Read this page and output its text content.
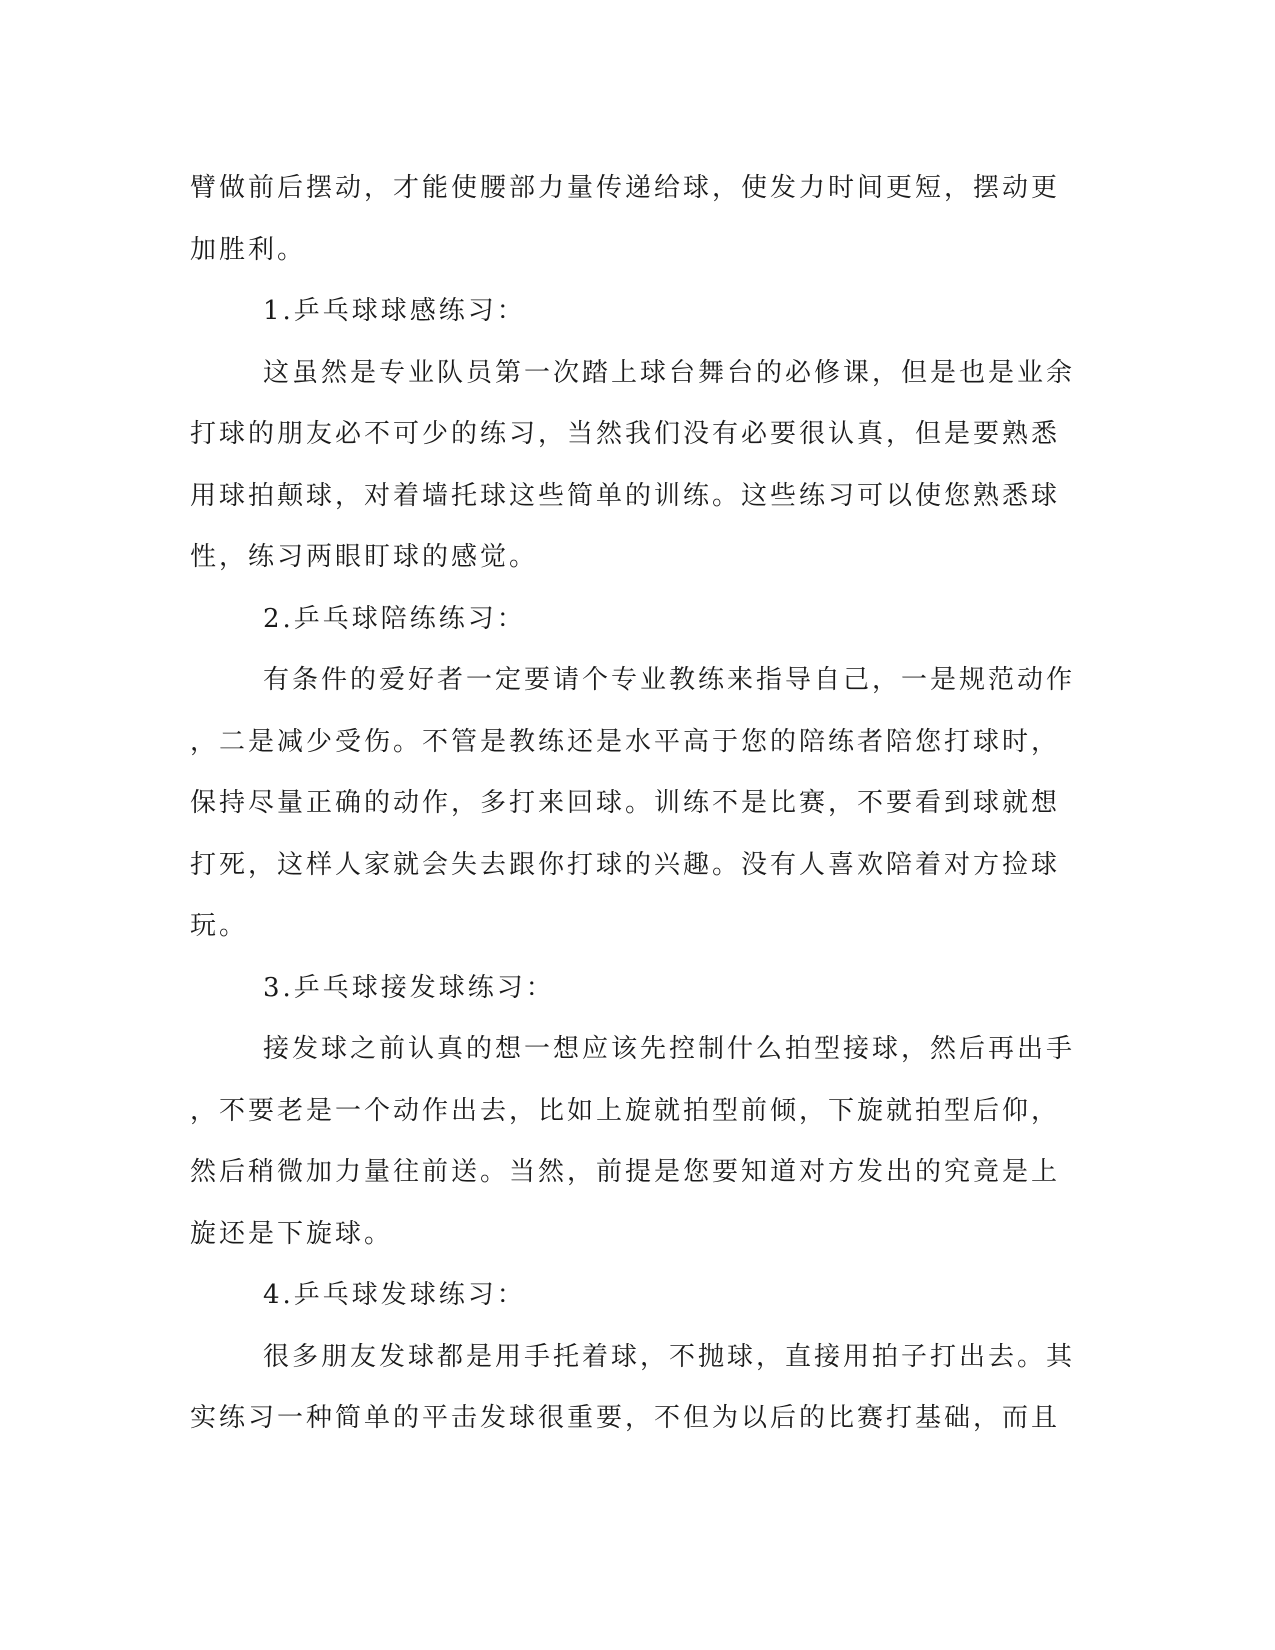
臂做前后摆动，才能使腰部力量传递给球，使发力时间更短，摆动更
加胜利。
1.乒乓球球感练习：
这虽然是专业队员第一次踏上球台舞台的必修课，但是也是业余
打球的朋友必不可少的练习，当然我们没有必要很认真，但是要熟悉
用球拍颠球，对着墙托球这些简单的训练。这些练习可以使您熟悉球
性，练习两眼盯球的感觉。
2.乒乓球陪练练习：
有条件的爱好者一定要请个专业教练来指导自己，一是规范动作
，二是减少受伤。不管是教练还是水平高于您的陪练者陪您打球时，
保持尽量正确的动作，多打来回球。训练不是比赛，不要看到球就想
打死，这样人家就会失去跟你打球的兴趣。没有人喜欢陪着对方捡球
玩。
3.乒乓球接发球练习：
接发球之前认真的想一想应该先控制什么拍型接球，然后再出手
，不要老是一个动作出去，比如上旋就拍型前倾，下旋就拍型后仰，
然后稍微加力量往前送。当然，前提是您要知道对方发出的究竟是上
旋还是下旋球。
4.乒乓球发球练习：
很多朋友发球都是用手托着球，不抛球，直接用拍子打出去。其
实练习一种简单的平击发球很重要，不但为以后的比赛打基础，而且
